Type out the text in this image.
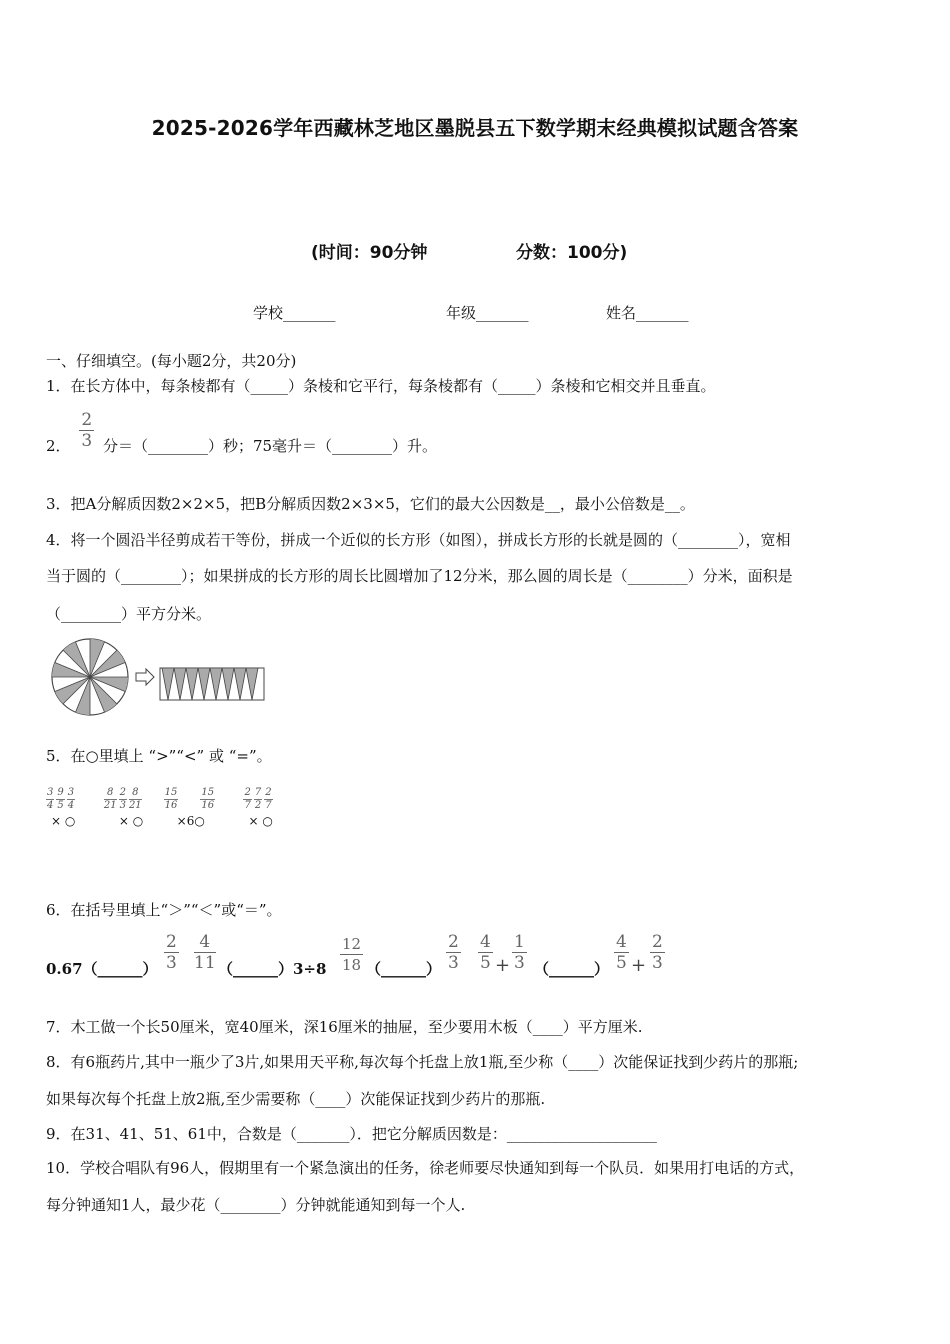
2025-2026学年西藏林芝地区墨脱县五下数学期末经典模拟试题含答案
(时间：90分钟	分数：100分)
学校_______	年级_______	姓名_______
一、仔细填空。(每小题2分，共20分)
1．在长方体中，每条棱都有（_____）条棱和它平行，每条棱都有（_____）条棱和它相交并且垂直。
2． $\frac{2}{3}$ 分＝（________）秒；75毫升＝（________）升。
3．把A分解质因数2×2×5，把B分解质因数2×3×5，它们的最大公因数是__，最小公倍数是__。
4．将一个圆沿半径剪成若干等份，拼成一个近似的长方形（如图），拼成长方形的长就是圆的（________），宽相
当于圆的（________）；如果拼成的长方形的周长比圆增加了12分米，那么圆的周长是（________）分米，面积是
（________）平方分米。
5．在○里填上 “>”“<” 或 “=”。
$\frac{3}{4} \frac{9}{5} \frac{3}{4}$
× ○

$\frac{8}{21} \frac{2}{3} \frac{8}{21}$
× ○

$\frac{15}{16} \frac{15}{16}$
×6○

$\frac{2}{7} \frac{7}{2} \frac{2}{7}$
× ○
6．在括号里填上“＞”“＜”或“＝”。
0.67（______） $\frac{2}{3} \frac{4}{11}$ （______）3÷8 $\frac{12}{18}$ （______） $\frac{2}{3} \frac{4}{5} + \frac{1}{3}$ （______） $\frac{4}{5} + \frac{2}{3}$
7．木工做一个长50厘米，宽40厘米，深16厘米的抽屉，至少要用木板（____）平方厘米.
8．有6瓶药片,其中一瓶少了3片,如果用天平称,每次每个托盘上放1瓶,至少称（____）次能保证找到少药片的那瓶;
如果每次每个托盘上放2瓶,至少需要称（____）次能保证找到少药片的那瓶.
9．在31、41、51、61中，合数是（_______）．把它分解质因数是：____________________
10．学校合唱队有96人，假期里有一个紧急演出的任务，徐老师要尽快通知到每一个队员．如果用打电话的方式，
每分钟通知1人，最少花（________）分钟就能通知到每一个人.
